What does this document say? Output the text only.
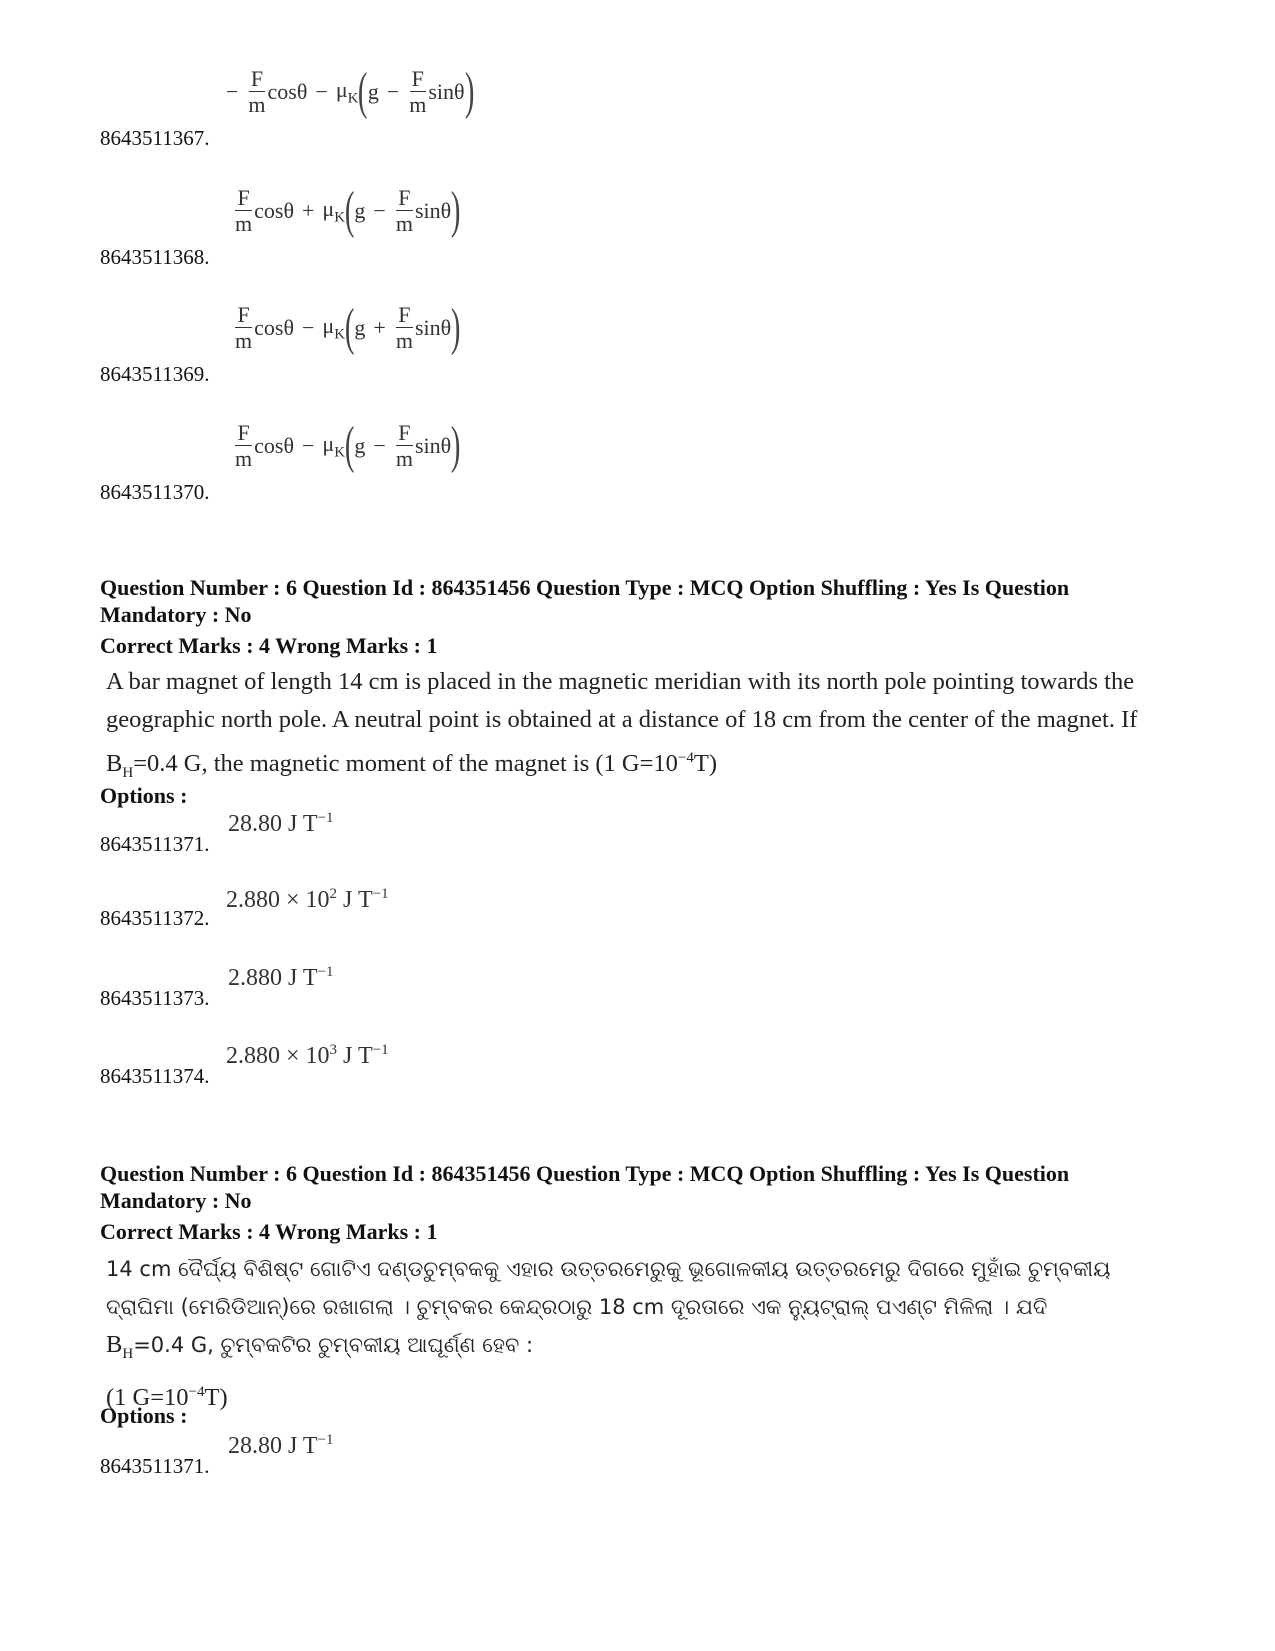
8643511367.
− $\frac{F}{m}$ $\cos\theta - \mu_K$ ( $g - \frac{F}{m}$ sinθ )
8643511368.
$\frac{F}{m}$ $\cos\theta + \mu_K$ ( $g - \frac{F}{m}$ sinθ )
8643511369.
$\frac{F}{m}$ $\cos\theta - \mu_K$ ( $g + \frac{F}{m}$ sinθ )
8643511370.
$\frac{F}{m}$ $\cos\theta - \mu_K$ ( $g - \frac{F}{m}$ sinθ )
Question Number : 6 Question Id : 864351456 Question Type : MCQ Option Shuffling : Yes Is Question Mandatory : No
Correct Marks : 4 Wrong Marks : 1
A bar magnet of length 14 cm is placed in the magnetic meridian with its north pole pointing towards the geographic north pole. A neutral point is obtained at a distance of 18 cm from the center of the magnet. If $B_H=0.4$ G, the magnetic moment of the magnet is (1 $G=10^{-4}T$)
Options :
8643511371.
28.80 J $T^{-1}$
8643511372.
$2.880 \times 10^2$ J $T^{-1}$
8643511373.
2.880 J $T^{-1}$
8643511374.
$2.880 \times 10^3$ J $T^{-1}$
Question Number : 6 Question Id : 864351456 Question Type : MCQ Option Shuffling : Yes Is Question Mandatory : No
Correct Marks : 4 Wrong Marks : 1
14 cm ଦୈର୍ଘ୍ୟ ବିଶିଷ୍ଟ ଗୋଟିଏ ଦଣ୍ଡଚୁମ୍ବକକୁ ଏହାର ଉତ୍ତରମେରୁକୁ ଭୂଗୋଳକୀୟ ଉତ୍ତରମେରୁ ଦିଗରେ ମୁହାଁଇ ଚୁମ୍ବକୀୟ
ଦ୍ରାଘିମା (ମେରିଡିଆନ୍)ରେ ରଖାଗଲା । ଚୁମ୍ବକର କେନ୍ଦ୍ରଠାରୁ 18 cm ଦୂରତାରେ ଏକ ନ୍ୟୁଟ୍ରାଲ୍ ପଏଣ୍ଟ ମିଳିଲା । ଯଦି
$B_H=0.4$ G, ଚୁମ୍ବକଟିର ଚୁମ୍ବକୀୟ ଆଘୂର୍ଣ୍ଣ ହେବ :
(1 $G=10^{-4}T$)
Options :
8643511371.
28.80 J $T^{-1}$
